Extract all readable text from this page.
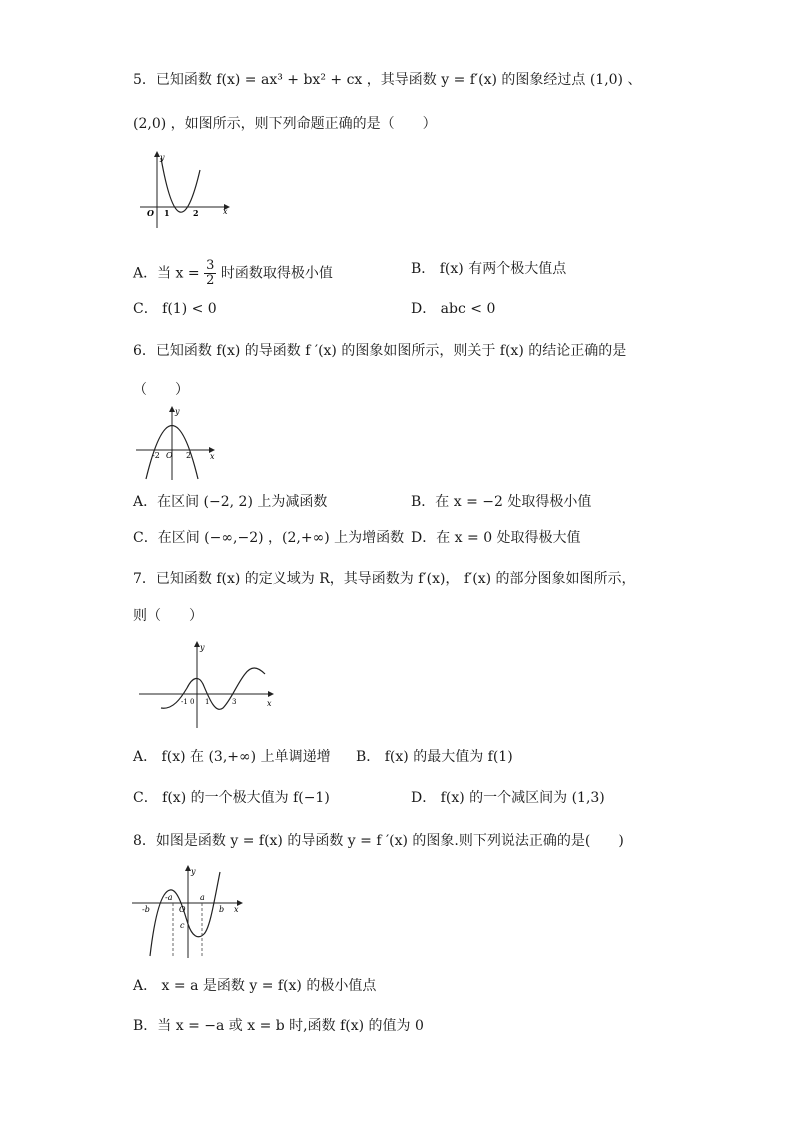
5．已知函数 f(x) = ax³ + bx² + cx ，其导函数 y = f′(x) 的图象经过点 (1,0) 、
(2,0) ，如图所示，则下列命题正确的是（　　）
y
x
O 1	2
A．当 $x = \frac{3}{2}$ 时函数取得极小值	B． f(x) 有两个极大值点
C． f(1) < 0	D． abc < 0
6．已知函数 f(x) 的导函数 f ′(x) 的图象如图所示，则关于 f(x) 的结论正确的是
（　　）
y
x
-2 O 2
A．在区间 (−2, 2) 上为减函数	B．在 x = −2 处取得极小值
C．在区间 (−∞,−2) ，(2,+∞) 上为增函数 D．在 x = 0 处取得极大值
7．已知函数 f(x) 的定义域为 R，其导函数为 f′(x)， f′(x) 的部分图象如图所示，
则（　　）
y
x
-1 0 1	3
A． f(x) 在 (3,+∞) 上单调递增 B． f(x) 的最大值为 f(1)
C． f(x) 的一个极大值为 f(−1)	D． f(x) 的一个减区间为 (1,3)
8．如图是函数 y = f(x) 的导函数 y = f ′(x) 的图象.则下列说法正确的是(　　)
y
x
-b
-a
O
a
b
c
A． x = a 是函数 y = f(x) 的极小值点
B．当 x = −a 或 x = b 时,函数 f(x) 的值为 0
